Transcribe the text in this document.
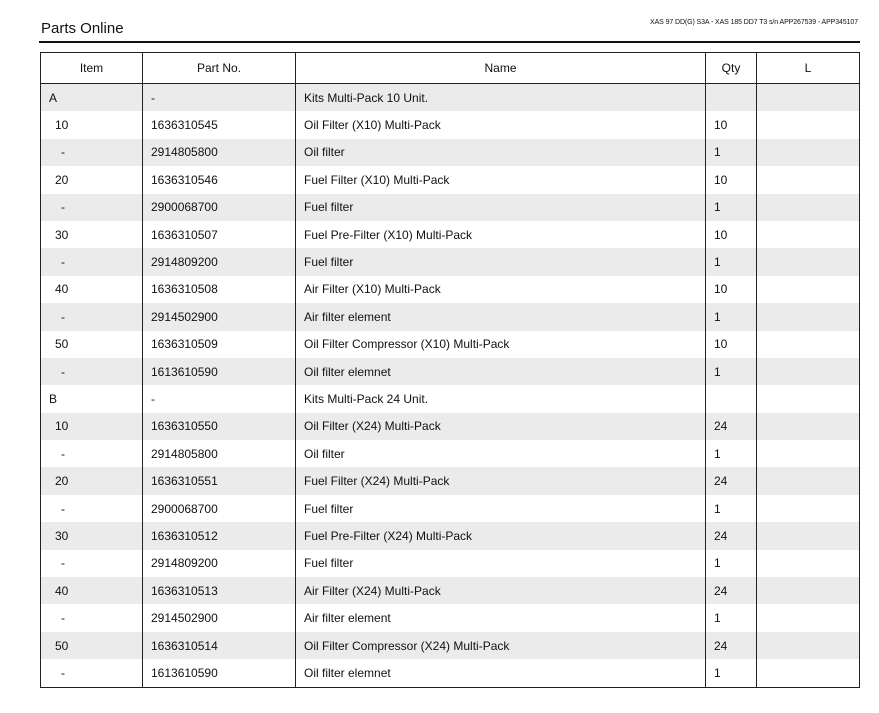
Parts Online	XAS 97 DD(G) S3A - XAS 185 DD7 T3 s/n APP267539 - APP345107
Item	Part No.	Name	Qty	L
A	-	Kits Multi-Pack 10 Unit.		
10	1636310545	Oil Filter (X10) Multi-Pack	10	
-	2914805800	Oil filter	1	
20	1636310546	Fuel Filter (X10) Multi-Pack	10	
-	2900068700	Fuel filter	1	
30	1636310507	Fuel Pre-Filter (X10) Multi-Pack	10	
-	2914809200	Fuel filter	1	
40	1636310508	Air Filter (X10) Multi-Pack	10	
-	2914502900	Air filter element	1	
50	1636310509	Oil Filter Compressor (X10) Multi-Pack	10	
-	1613610590	Oil filter elemnet	1	
B	-	Kits Multi-Pack 24 Unit.		
10	1636310550	Oil Filter (X24) Multi-Pack	24	
-	2914805800	Oil filter	1	
20	1636310551	Fuel Filter (X24) Multi-Pack	24	
-	2900068700	Fuel filter	1	
30	1636310512	Fuel Pre-Filter (X24) Multi-Pack	24	
-	2914809200	Fuel filter	1	
40	1636310513	Air Filter (X24) Multi-Pack	24	
-	2914502900	Air filter element	1	
50	1636310514	Oil Filter Compressor (X24) Multi-Pack	24	
-	1613610590	Oil filter elemnet	1	
